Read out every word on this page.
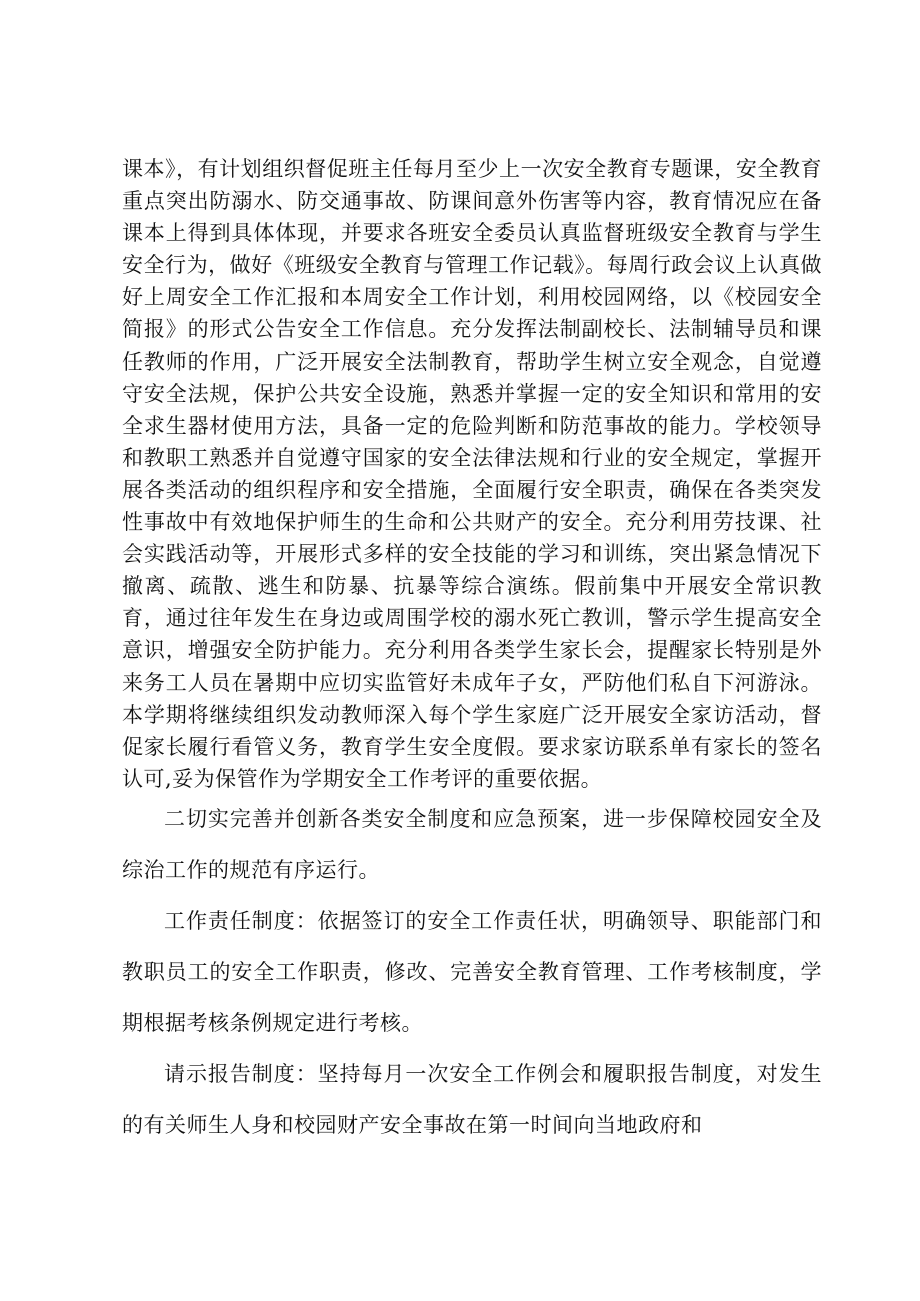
课本》，有计划组织督促班主任每月至少上一次安全教育专题课，安全教育重点突出防溺水、防交通事故、防课间意外伤害等内容，教育情况应在备课本上得到具体体现，并要求各班安全委员认真监督班级安全教育与学生安全行为，做好《班级安全教育与管理工作记载》。每周行政会议上认真做好上周安全工作汇报和本周安全工作计划，利用校园网络，以《校园安全简报》的形式公告安全工作信息。充分发挥法制副校长、法制辅导员和课任教师的作用，广泛开展安全法制教育，帮助学生树立安全观念，自觉遵守安全法规，保护公共安全设施，熟悉并掌握一定的安全知识和常用的安全求生器材使用方法，具备一定的危险判断和防范事故的能力。学校领导和教职工熟悉并自觉遵守国家的安全法律法规和行业的安全规定，掌握开展各类活动的组织程序和安全措施，全面履行安全职责，确保在各类突发性事故中有效地保护师生的生命和公共财产的安全。充分利用劳技课、社会实践活动等，开展形式多样的安全技能的学习和训练，突出紧急情况下撤离、疏散、逃生和防暴、抗暴等综合演练。假前集中开展安全常识教育，通过往年发生在身边或周围学校的溺水死亡教训，警示学生提高安全意识，增强安全防护能力。充分利用各类学生家长会，提醒家长特别是外来务工人员在暑期中应切实监管好未成年子女，严防他们私自下河游泳。本学期将继续组织发动教师深入每个学生家庭广泛开展安全家访活动，督促家长履行看管义务，教育学生安全度假。要求家访联系单有家长的签名认可,妥为保管作为学期安全工作考评的重要依据。

二切实完善并创新各类安全制度和应急预案，进一步保障校园安全及综治工作的规范有序运行。

工作责任制度：依据签订的安全工作责任状，明确领导、职能部门和教职员工的安全工作职责，修改、完善安全教育管理、工作考核制度，学期根据考核条例规定进行考核。

请示报告制度：坚持每月一次安全工作例会和履职报告制度，对发生的有关师生人身和校园财产安全事故在第一时间向当地政府和
